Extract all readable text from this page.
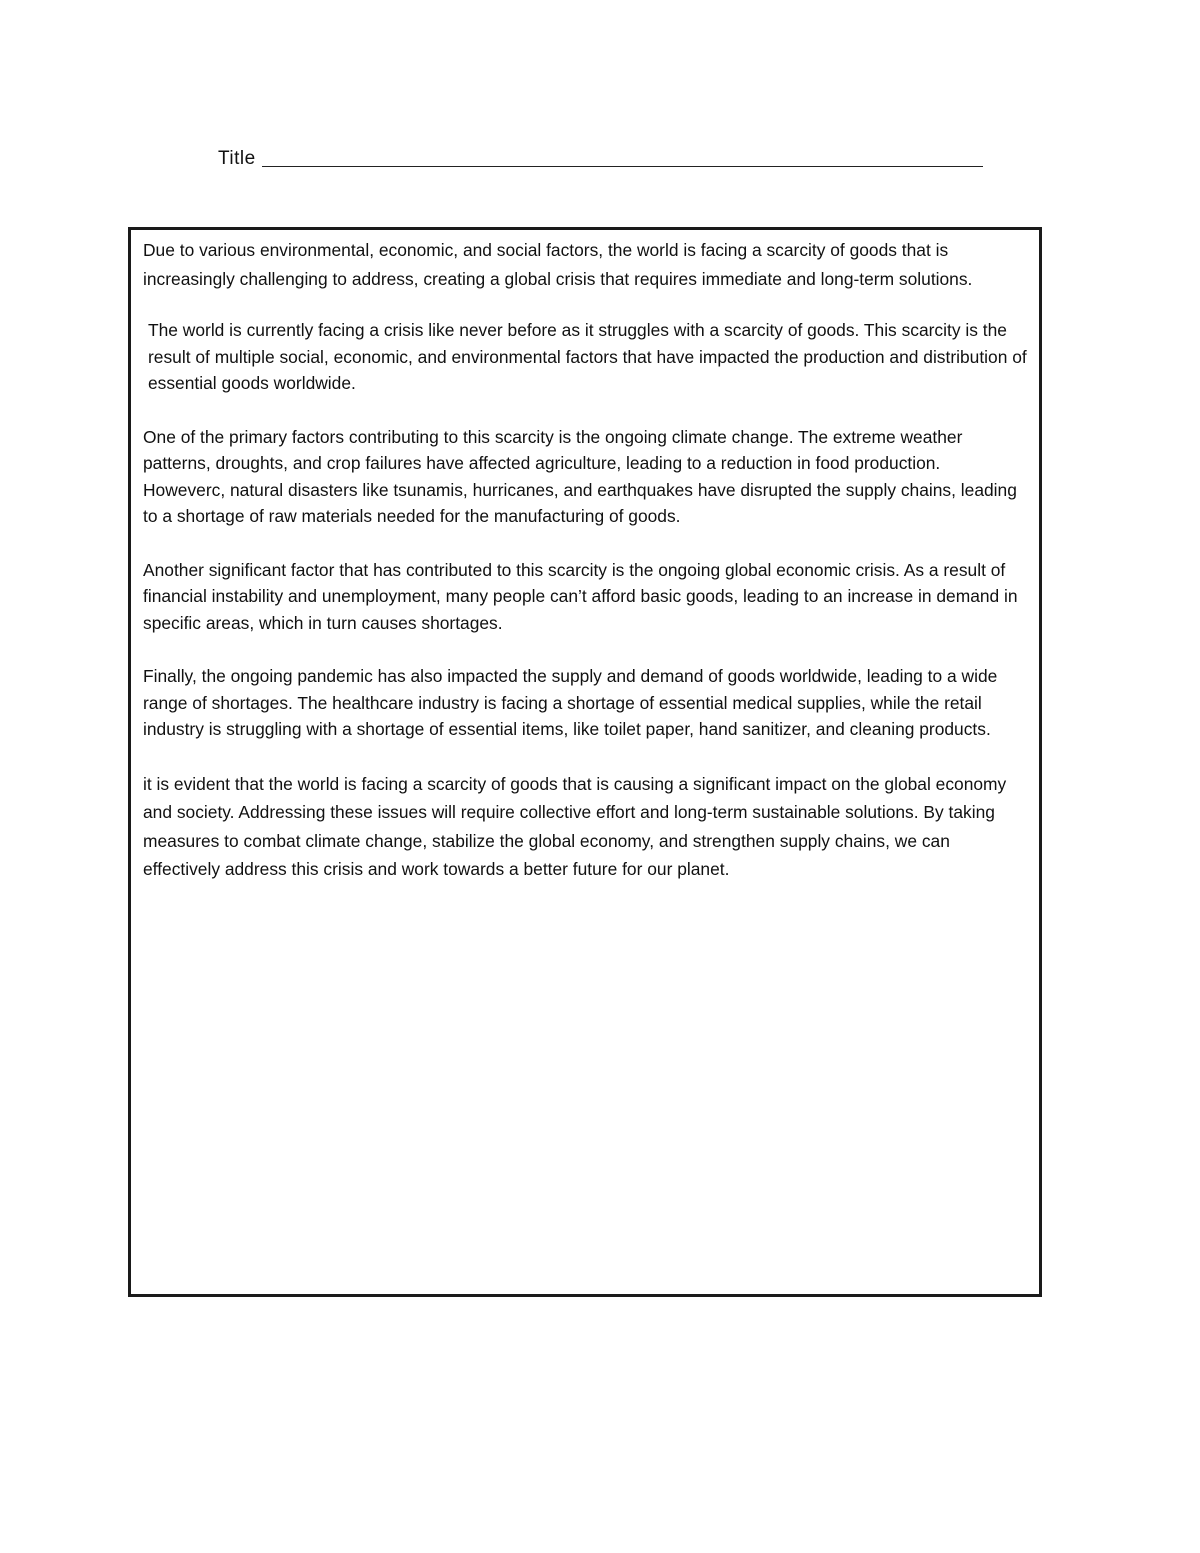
Title

Due to various environmental, economic, and social factors, the world is facing a scarcity of goods that is increasingly challenging to address, creating a global crisis that requires immediate and long-term solutions.

The world is currently facing a crisis like never before as it struggles with a scarcity of goods. This scarcity is the result of multiple social, economic, and environmental factors that have impacted the production and distribution of essential goods worldwide.

One of the primary factors contributing to this scarcity is the ongoing climate change. The extreme weather patterns, droughts, and crop failures have affected agriculture, leading to a reduction in food production. Howeverc, natural disasters like tsunamis, hurricanes, and earthquakes have disrupted the supply chains, leading to a shortage of raw materials needed for the manufacturing of goods.

Another significant factor that has contributed to this scarcity is the ongoing global economic crisis. As a result of financial instability and unemployment, many people can’t afford basic goods, leading to an increase in demand in specific areas, which in turn causes shortages.

Finally, the ongoing pandemic has also impacted the supply and demand of goods worldwide, leading to a wide range of shortages. The healthcare industry is facing a shortage of essential medical supplies, while the retail industry is struggling with a shortage of essential items, like toilet paper, hand sanitizer, and cleaning products.

it is evident that the world is facing a scarcity of goods that is causing a significant impact on the global economy and society. Addressing these issues will require collective effort and long-term sustainable solutions. By taking measures to combat climate change, stabilize the global economy, and strengthen supply chains, we can effectively address this crisis and work towards a better future for our planet.
